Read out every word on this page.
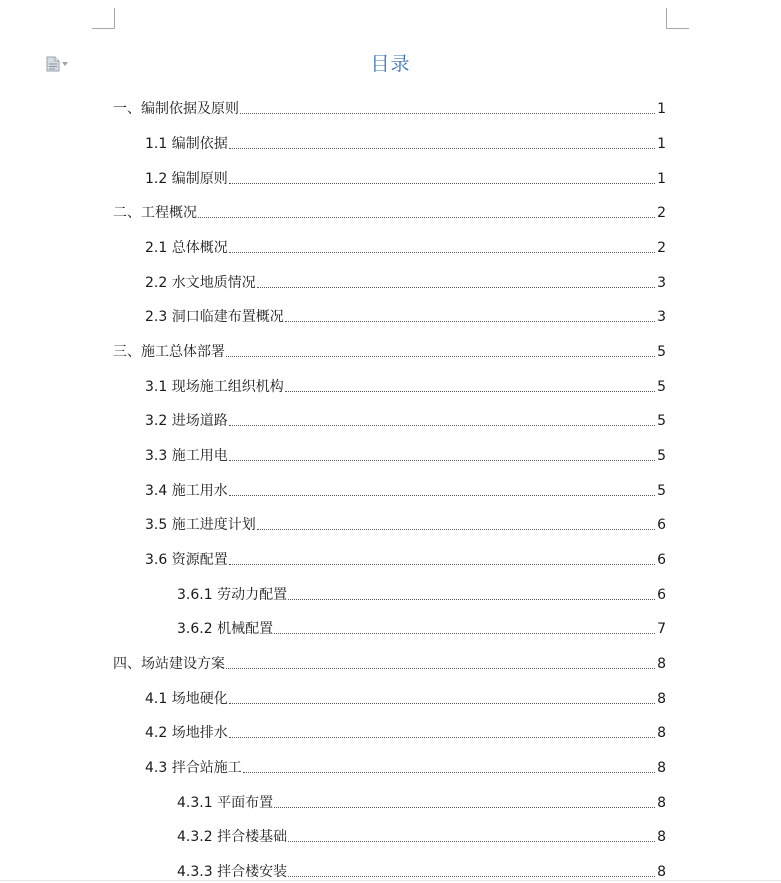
目录
一、编制依据及原则	1
1.1 编制依据	1
1.2 编制原则	1
二、工程概况	2
2.1 总体概况	2
2.2 水文地质情况	3
2.3 洞口临建布置概况	3
三、施工总体部署	5
3.1 现场施工组织机构	5
3.2 进场道路	5
3.3 施工用电	5
3.4 施工用水	5
3.5 施工进度计划	6
3.6 资源配置	6
3.6.1 劳动力配置	6
3.6.2 机械配置	7
四、场站建设方案	8
4.1 场地硬化	8
4.2 场地排水	8
4.3 拌合站施工	8
4.3.1 平面布置	8
4.3.2 拌合楼基础	8
4.3.3 拌合楼安装	8
